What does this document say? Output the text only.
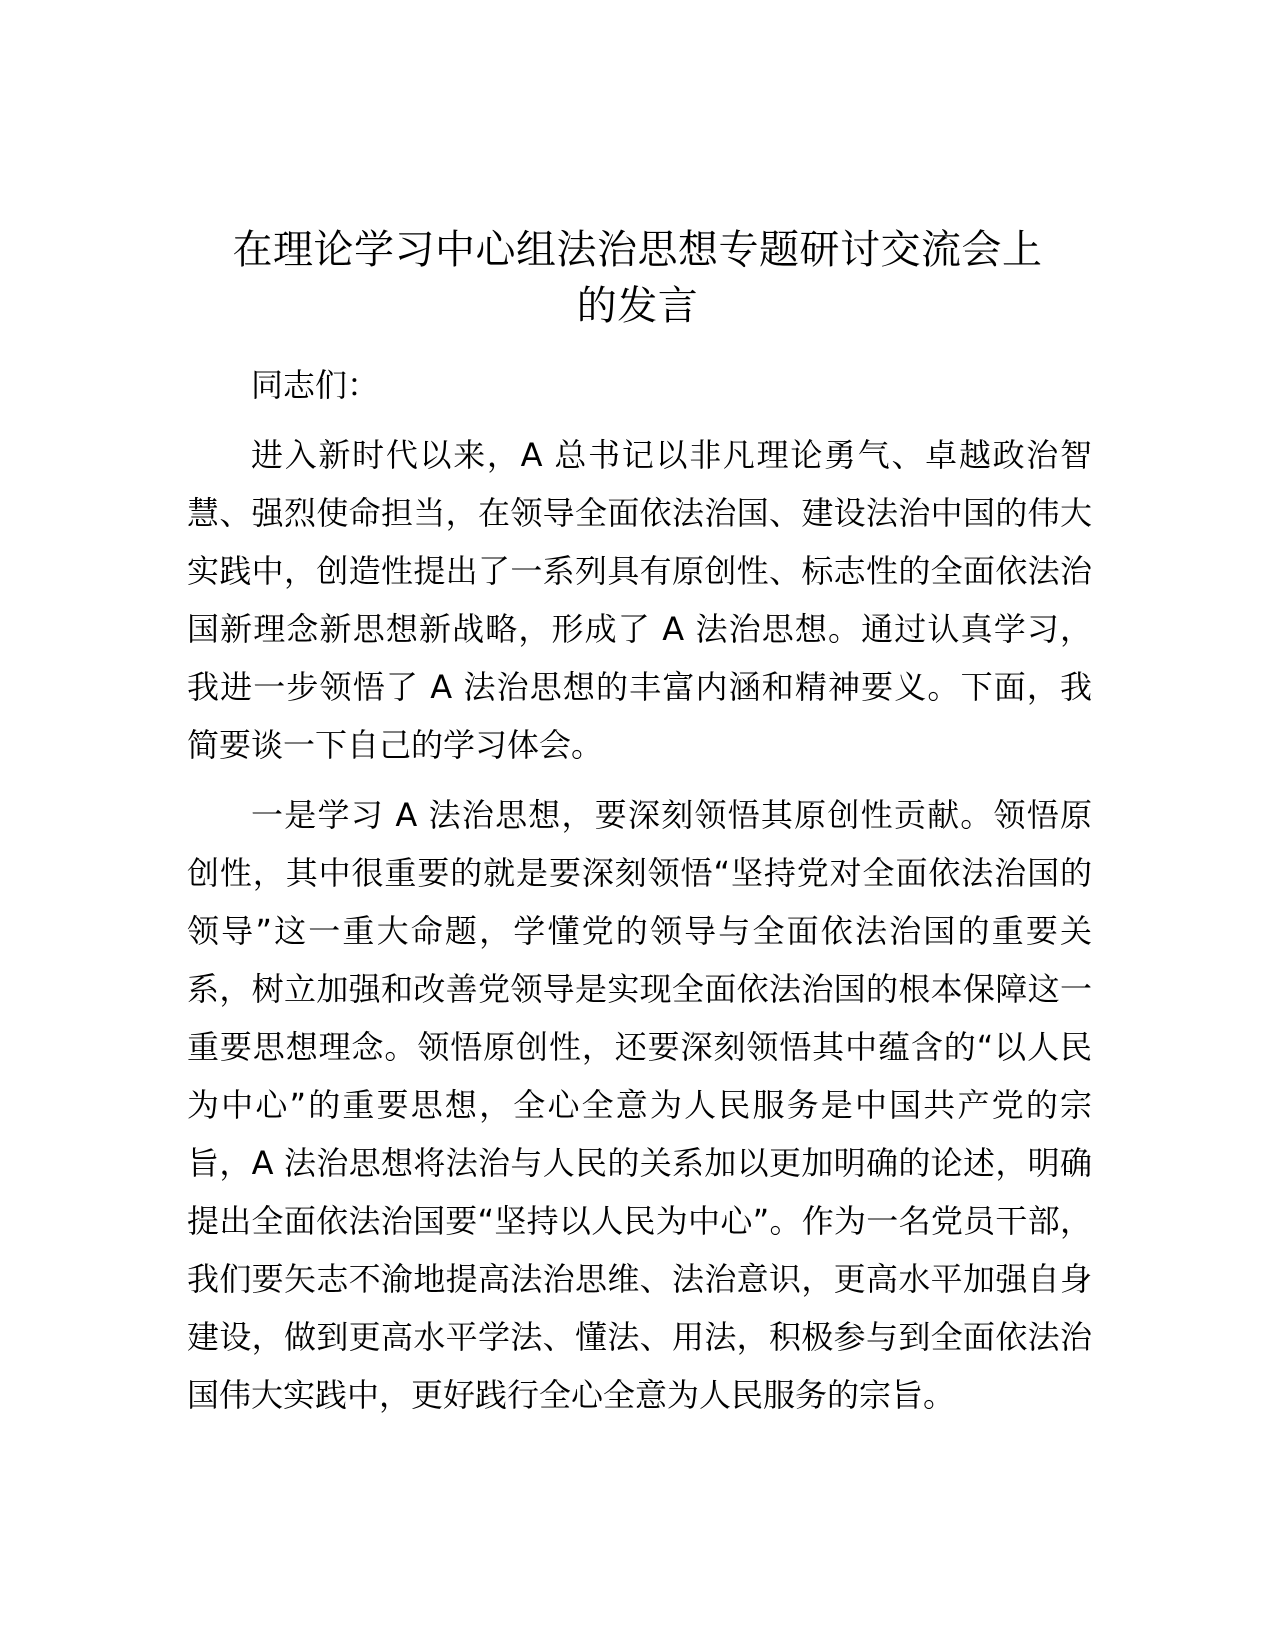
在理论学习中心组法治思想专题研讨交流会上
的发言

同志们：

进入新时代以来，A 总书记以非凡理论勇气、卓越政治智慧、强烈使命担当，在领导全面依法治国、建设法治中国的伟大实践中，创造性提出了一系列具有原创性、标志性的全面依法治国新理念新思想新战略，形成了 A 法治思想。通过认真学习，我进一步领悟了 A 法治思想的丰富内涵和精神要义。下面，我简要谈一下自己的学习体会。

一是学习 A 法治思想，要深刻领悟其原创性贡献。领悟原创性，其中很重要的就是要深刻领悟“坚持党对全面依法治国的领导”这一重大命题，学懂党的领导与全面依法治国的重要关系，树立加强和改善党领导是实现全面依法治国的根本保障这一重要思想理念。领悟原创性，还要深刻领悟其中蕴含的“以人民为中心”的重要思想，全心全意为人民服务是中国共产党的宗旨，A 法治思想将法治与人民的关系加以更加明确的论述，明确提出全面依法治国要“坚持以人民为中心”。作为一名党员干部，我们要矢志不渝地提高法治思维、法治意识，更高水平加强自身建设，做到更高水平学法、懂法、用法，积极参与到全面依法治国伟大实践中，更好践行全心全意为人民服务的宗旨。
